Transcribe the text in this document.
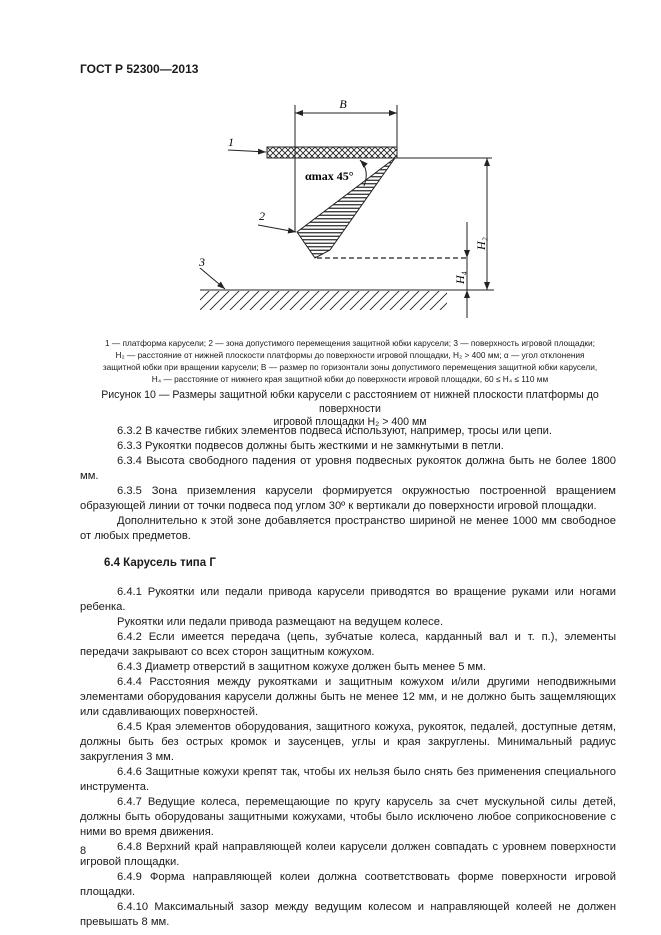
ГОСТ Р 52300—2013
B
αmax 45°
H₂
H₄
1
2
3
1 — платформа карусели; 2 — зона допустимого перемещения защитной юбки карусели; 3 — поверхность игровой площадки;
H₂ — расстояние от нижней плоскости платформы до поверхности игровой площадки, H₂ > 400 мм; α — угол отклонения
защитной юбки при вращении карусели; B — размер по горизонтали зоны допустимого перемещения защитной юбки карусели,
H₄ — расстояние от нижнего края защитной юбки до поверхности игровой площадки, 60 ≤ H₄ ≤ 110 мм
Рисунок 10 — Размеры защитной юбки карусели с расстоянием от нижней плоскости платформы до поверхности
игровой площадки H₂ > 400 мм

6.3.2 В качестве гибких элементов подвеса используют, например, тросы или цепи.

6.3.3 Рукоятки подвесов должны быть жесткими и не замкнутыми в петли.

6.3.4 Высота свободного падения от уровня подвесных рукояток должна быть не более 1800 мм.

6.3.5 Зона приземления карусели формируется окружностью построенной вращением образующей линии от точки подвеса под углом 30º к вертикали до поверхности игровой площадки.

Дополнительно к этой зоне добавляется пространство шириной не менее 1000 мм свободное от любых предметов.

6.4 Карусель типа Г

6.4.1 Рукоятки или педали привода карусели приводятся во вращение руками или ногами ребенка.

Рукоятки или педали привода размещают на ведущем колесе.

6.4.2 Если имеется передача (цепь, зубчатые колеса, карданный вал и т. п.), элементы передачи закрывают со всех сторон защитным кожухом.

6.4.3 Диаметр отверстий в защитном кожухе должен быть менее 5 мм.

6.4.4 Расстояния между рукоятками и защитным кожухом и/или другими неподвижными элементами оборудования карусели должны быть не менее 12 мм, и не должно быть защемляющих или сдавливающих поверхностей.

6.4.5 Края элементов оборудования, защитного кожуха, рукояток, педалей, доступные детям, должны быть без острых кромок и заусенцев, углы и края закруглены. Минимальный радиус закругления 3 мм.

6.4.6 Защитные кожухи крепят так, чтобы их нельзя было снять без применения специального инструмента.

6.4.7 Ведущие колеса, перемещающие по кругу карусель за счет мускульной силы детей, должны быть оборудованы защитными кожухами, чтобы было исключено любое соприкосновение с ними во время движения.

6.4.8 Верхний край направляющей колеи карусели должен совпадать с уровнем поверхности игровой площадки.

6.4.9 Форма направляющей колеи должна соответствовать форме поверхности игровой площадки.

6.4.10 Максимальный зазор между ведущим колесом и направляющей колеей не должен превышать 8 мм.

8
